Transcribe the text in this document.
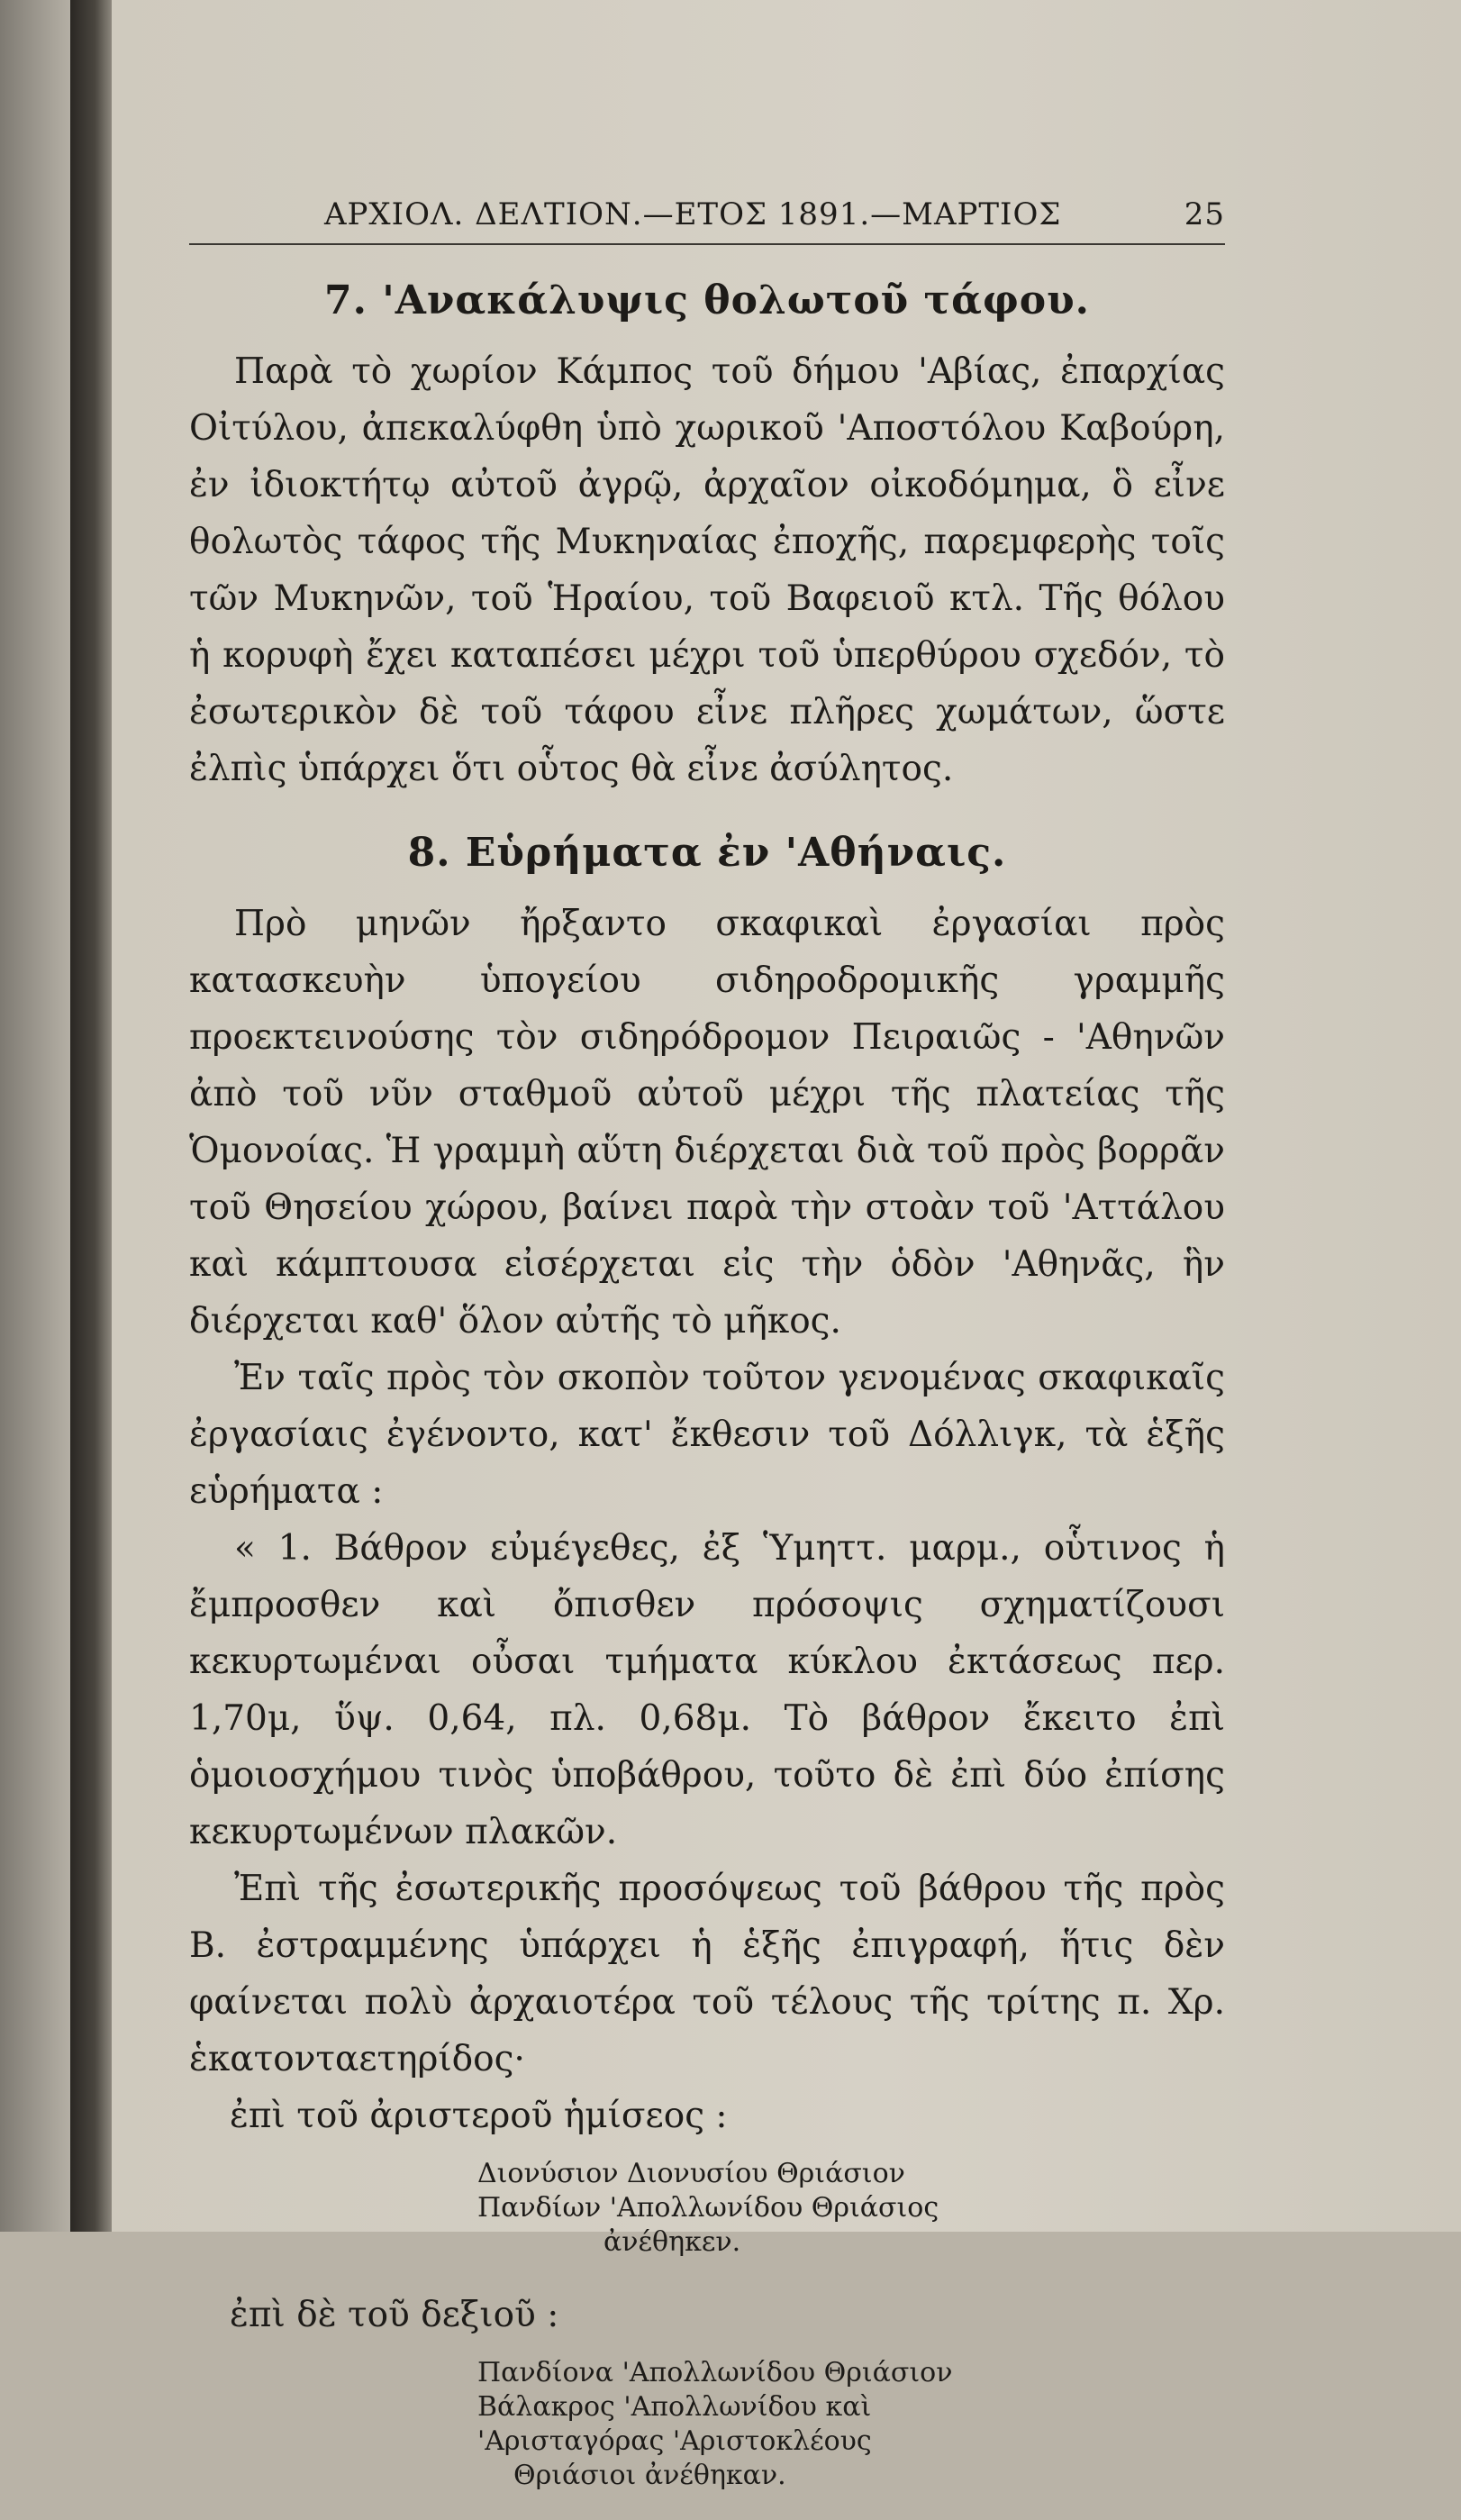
ΑΡΧΙΟΛ. ΔΕΛΤΙΟΝ.—ΕΤΟΣ 1891.—ΜΑΡΤΙΟΣ	25
7. 'Ανακάλυψις θολωτοῦ τάφου.

Παρὰ τὸ χωρίον Κάμπος τοῦ δήμου 'Αβίας, ἐπαρχίας Οἰτύλου, ἀπεκαλύφθη ὑπὸ χωρικοῦ 'Αποστόλου Καβούρη, ἐν ἰδιοκτήτῳ αὐτοῦ ἀγρῷ, ἀρχαῖον οἰκοδόμημα, ὃ εἶνε θολωτὸς τάφος τῆς Μυκηναίας ἐποχῆς, παρεμφερὴς τοῖς τῶν Μυκηνῶν, τοῦ Ἡραίου, τοῦ Βαφειοῦ κτλ. Τῆς θόλου ἡ κορυφὴ ἔχει καταπέσει μέχρι τοῦ ὑπερθύρου σχεδόν, τὸ ἐσωτερικὸν δὲ τοῦ τάφου εἶνε πλῆρες χωμάτων, ὥστε ἐλπὶς ὑπάρχει ὅτι οὗτος θὰ εἶνε ἀσύλητος.

8. Εὑρήματα ἐν 'Αθήναις.

Πρὸ μηνῶν ἤρξαντο σκαφικαὶ ἐργασίαι πρὸς κατασκευὴν ὑπογείου σιδηροδρομικῆς γραμμῆς προεκτεινούσης τὸν σιδηρόδρομον Πειραιῶς - 'Αθηνῶν ἀπὸ τοῦ νῦν σταθμοῦ αὐτοῦ μέχρι τῆς πλατείας τῆς Ὁμονοίας. Ἡ γραμμὴ αὕτη διέρχεται διὰ τοῦ πρὸς βορρᾶν τοῦ Θησείου χώρου, βαίνει παρὰ τὴν στοὰν τοῦ 'Αττάλου καὶ κάμπτουσα εἰσέρχεται εἰς τὴν ὁδὸν 'Αθηνᾶς, ἣν διέρχεται καθ' ὅλον αὐτῆς τὸ μῆκος.

Ἐν ταῖς πρὸς τὸν σκοπὸν τοῦτον γενομένας σκαφικαῖς ἐργασίαις ἐγένοντο, κατ' ἔκθεσιν τοῦ Δόλλιγκ, τὰ ἑξῆς εὑρήματα :

« 1. Βάθρον εὐμέγεθες, ἐξ Ὑμηττ. μαρμ., οὗτινος ἡ ἔμπροσθεν καὶ ὄπισθεν πρόσοψις σχηματίζουσι κεκυρτωμέναι οὖσαι τμήματα κύκλου ἐκτάσεως περ. 1,70μ, ὕψ. 0,64, πλ. 0,68μ. Τὸ βάθρον ἔκειτο ἐπὶ ὁμοιοσχήμου τινὸς ὑποβάθρου, τοῦτο δὲ ἐπὶ δύο ἐπίσης κεκυρτωμένων πλακῶν.

Ἐπὶ τῆς ἐσωτερικῆς προσόψεως τοῦ βάθρου τῆς πρὸς Β. ἐστραμμένης ὑπάρχει ἡ ἑξῆς ἐπιγραφή, ἥτις δὲν φαίνεται πολὺ ἀρχαιοτέρα τοῦ τέλους τῆς τρίτης π. Χρ. ἑκατονταετηρίδος·

ἐπὶ τοῦ ἀριστεροῦ ἡμίσεος :

Διονύσιον Διονυσίου Θριάσιον
Πανδίων 'Απολλωνίδου Θριάσιος
ἀνέθηκεν.

ἐπὶ δὲ τοῦ δεξιοῦ :

Πανδίονα 'Απολλωνίδου Θριάσιον
Βάλακρος 'Απολλωνίδου καὶ
'Αρισταγόρας 'Αριστοκλέους
Θριάσιοι ἀνέθηκαν.
